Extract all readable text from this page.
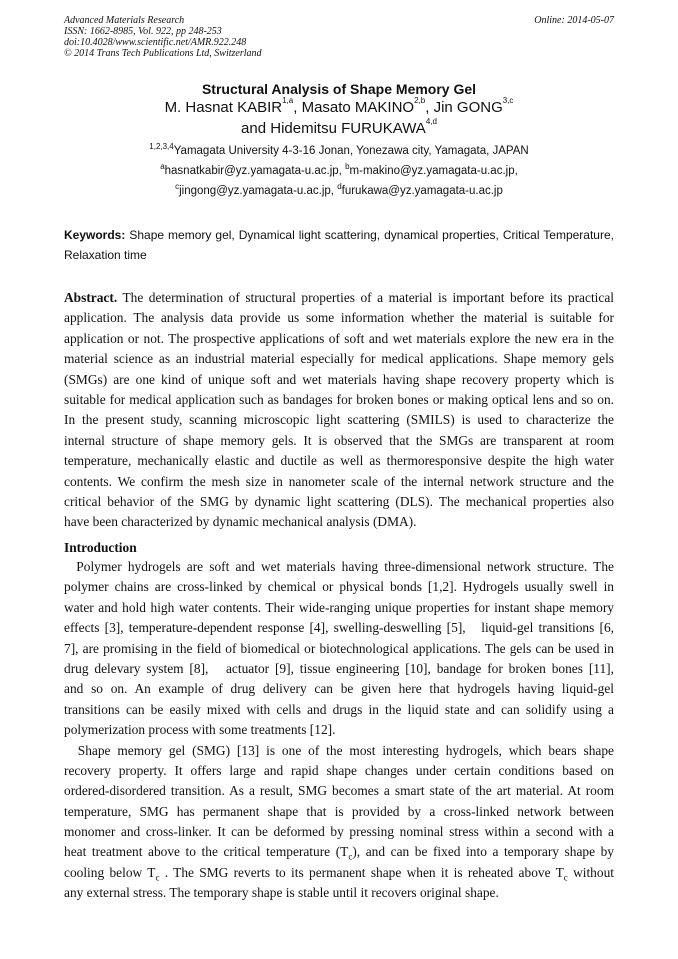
Advanced Materials Research
ISSN: 1662-8985, Vol. 922, pp 248-253
doi:10.4028/www.scientific.net/AMR.922.248
© 2014 Trans Tech Publications Ltd, Switzerland
Online: 2014-05-07
Structural Analysis of Shape Memory Gel
M. Hasnat KABIR$^{1,a}$, Masato MAKINO$^{2,b}$, Jin GONG$^{3,c}$
and Hidemitsu FURUKAWA$^{4,d}$
$^{1,2,3,4}$Yamagata University 4-3-16 Jonan, Yonezawa city, Yamagata, JAPAN
$^a$hasnatkabir@yz.yamagata-u.ac.jp, $^b$m-makino@yz.yamagata-u.ac.jp,
$^c$jingong@yz.yamagata-u.ac.jp, $^d$furukawa@yz.yamagata-u.ac.jp
Keywords: Shape memory gel, Dynamical light scattering, dynamical properties, Critical Temperature, Relaxation time
Abstract. The determination of structural properties of a material is important before its practical
application. The analysis data provide us some information whether the material is suitable for
application or not. The prospective applications of soft and wet materials explore the new era in the
material science as an industrial material especially for medical applications. Shape memory gels
(SMGs) are one kind of unique soft and wet materials having shape recovery property which is
suitable for medical application such as bandages for broken bones or making optical lens and so on.
In the present study, scanning microscopic light scattering (SMILS) is used to characterize the
internal structure of shape memory gels. It is observed that the SMGs are transparent at room
temperature, mechanically elastic and ductile as well as thermoresponsive despite the high water
contents. We confirm the mesh size in nanometer scale of the internal network structure and the
critical behavior of the SMG by dynamic light scattering (DLS). The mechanical properties also
have been characterized by dynamic mechanical analysis (DMA).
Introduction
Polymer hydrogels are soft and wet materials having three-dimensional network structure. The
polymer chains are cross-linked by chemical or physical bonds [1,2]. Hydrogels usually swell in
water and hold high water contents. Their wide-ranging unique properties for instant shape memory
effects [3], temperature-dependent response [4], swelling-deswelling [5],   liquid-gel transitions [6,
7], are promising in the field of biomedical or biotechnological applications. The gels can be used in
drug delevary system [8],   actuator [9], tissue engineering [10], bandage for broken bones [11],
and so on. An example of drug delivery can be given here that hydrogels having liquid-gel
transitions can be easily mixed with cells and drugs in the liquid state and can solidify using a
polymerization process with some treatments [12].
Shape memory gel (SMG) [13] is one of the most interesting hydrogels, which bears shape
recovery property. It offers large and rapid shape changes under certain conditions based on
ordered-disordered transition. As a result, SMG becomes a smart state of the art material. At room
temperature, SMG has permanent shape that is provided by a cross-linked network between
monomer and cross-linker. It can be deformed by pressing nominal stress within a second with a
heat treatment above to the critical temperature $(T_c)$, and can be fixed into a temporary shape by
cooling below $T_c$ . The SMG reverts to its permanent shape when it is reheated above $T_c$ without
any external stress. The temporary shape is stable until it recovers original shape.
